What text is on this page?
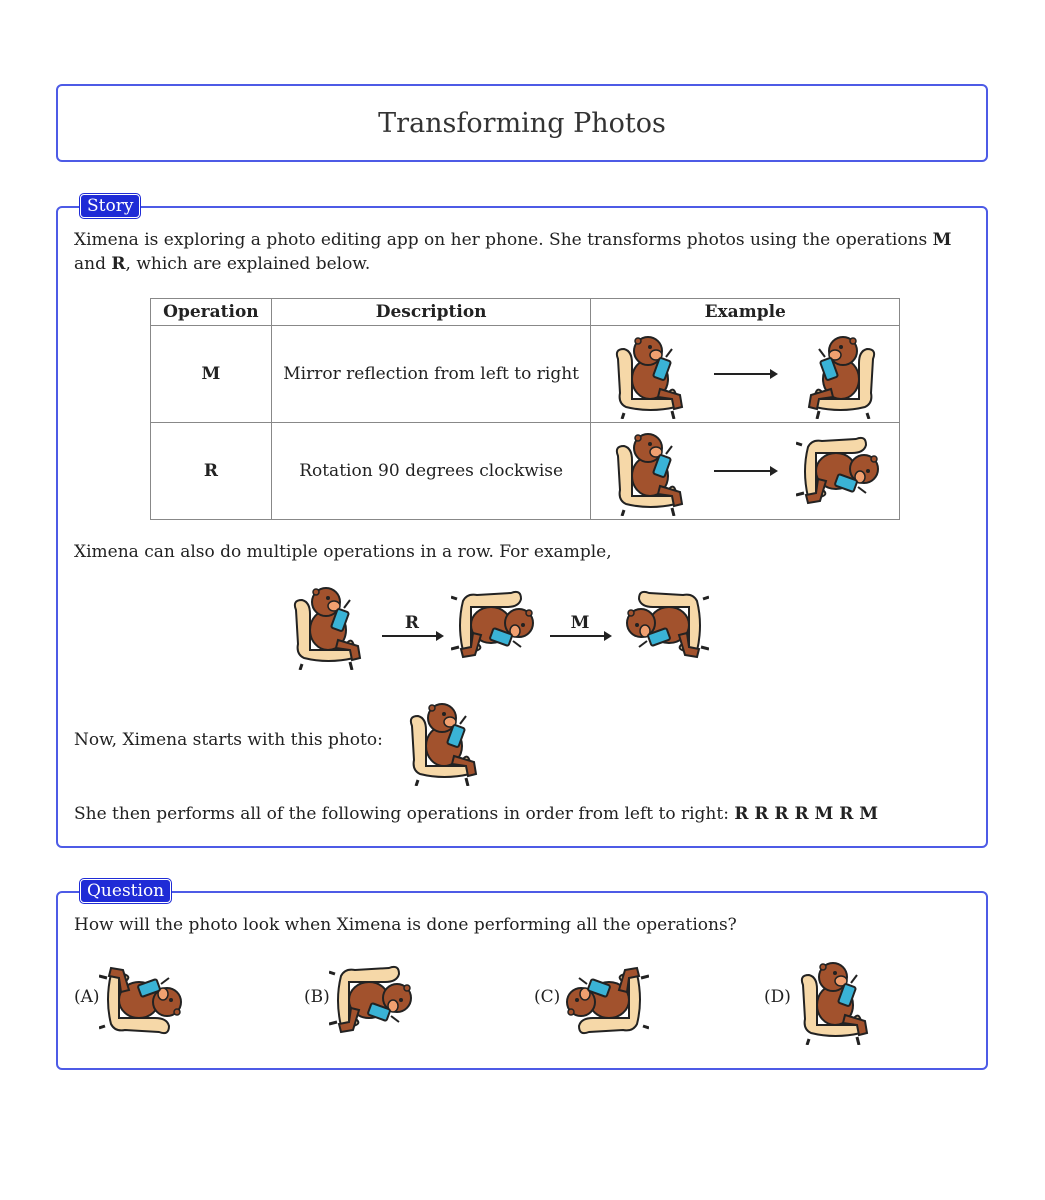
Transforming Photos
Story
Ximena is exploring a photo editing app on her phone. She transforms photos using the operations M and R, which are explained below.
Operation	Description	Example
M	Mirror reflection from left to right	

R	Rotation 90 degrees clockwise	
Ximena can also do multiple operations in a row. For example,
R	M
Now, Ximena starts with this photo:
She then performs all of the following operations in order from left to right: R R R R M R M
Question
How will the photo look when Ximena is done performing all the operations?
(A)	(B)	(C)	(D)
